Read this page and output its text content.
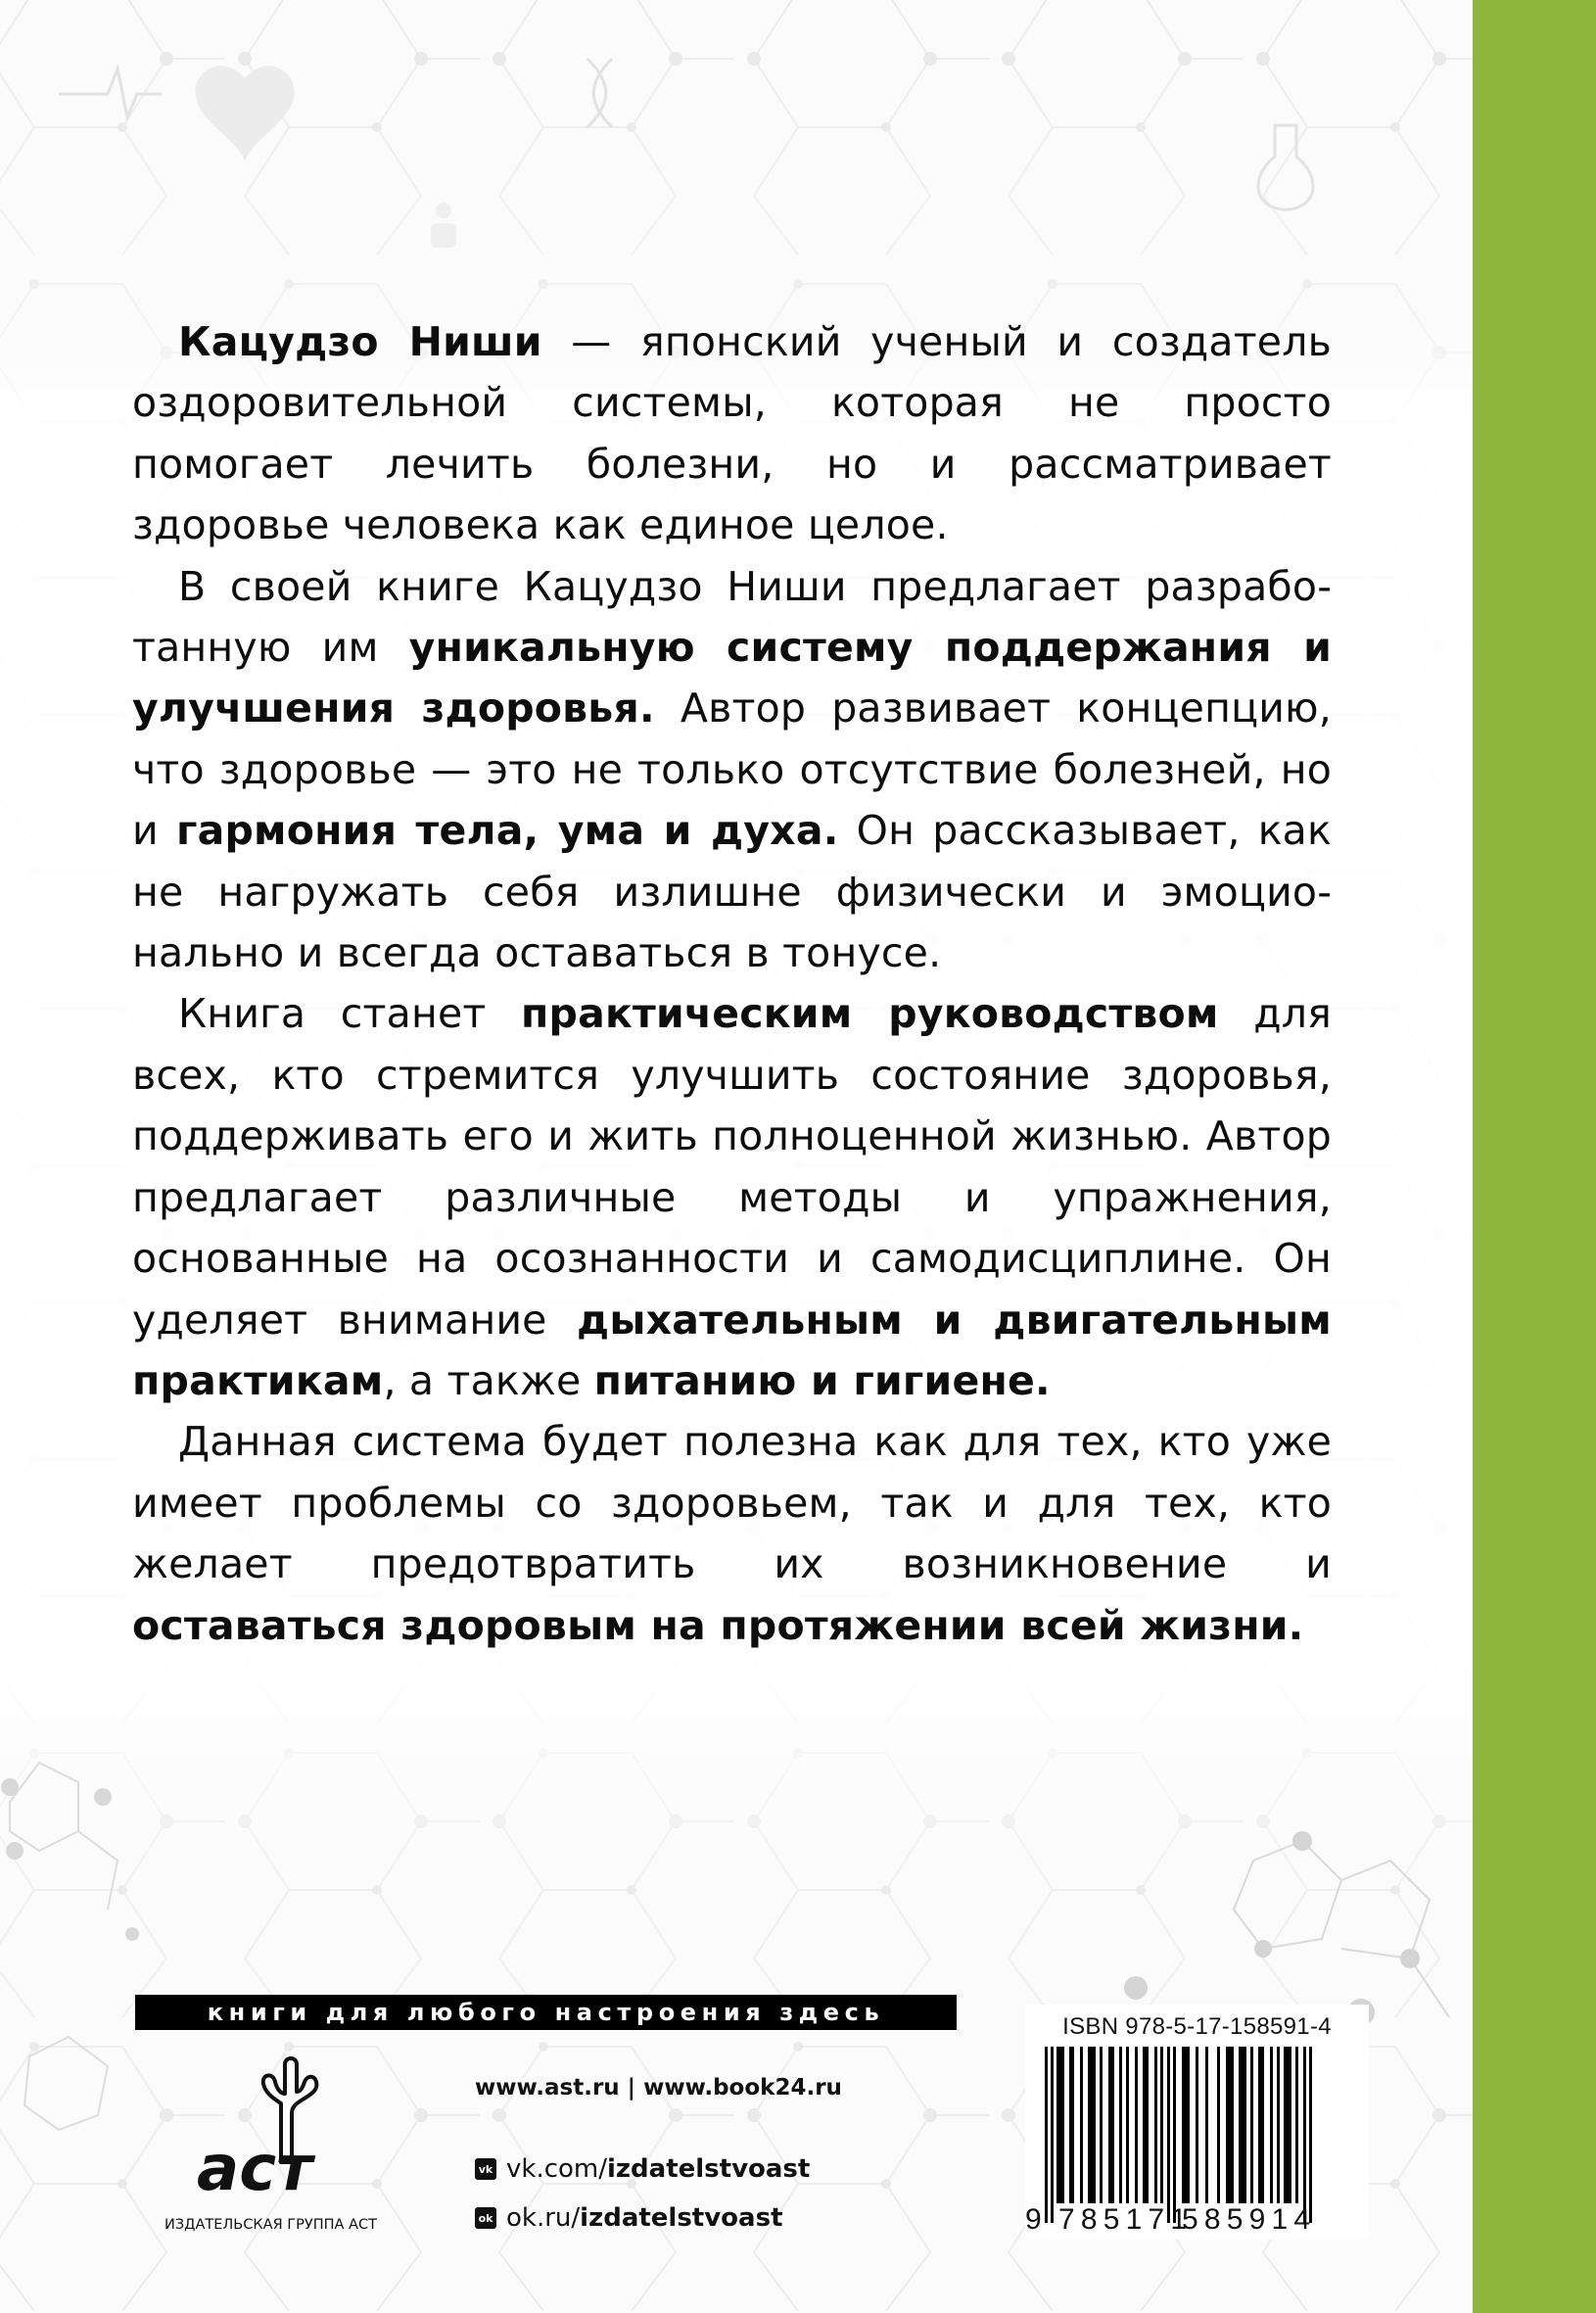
Кацудзо Ниши — японский ученый и создатель оздоровительной системы, которая не просто помогает лечить болезни, но и рассматривает здоровье человека как единое целое.

В своей книге Кацудзо Ниши предлагает разработанную им уникальную систему поддержания и улучшения здоровья. Автор развивает концепцию, что здоровье — это не только отсутствие болезней, но и гармония тела, ума и духа. Он рассказывает, как не нагружать себя излишне физически и эмоционально и всегда оставаться в тонусе.

Книга станет практическим руководством для всех, кто стремится улучшить состояние здоровья, поддерживать его и жить полноценной жизнью. Автор предлагает различные методы и упражнения, основанные на осознанности и самодисциплине. Он уделяет внимание дыхательным и двигательным практикам, а также питанию и гигиене.

Данная система будет полезна как для тех, кто уже имеет проблемы со здоровьем, так и для тех, кто желает предотвратить их возникновение и оставаться здоровым на протяжении всей жизни.

книги для любого настроения здесь
аст
ИЗДАТЕЛЬСКАЯ ГРУППА АСТ
www.ast.ru | www.book24.ru
vk vk.com/izdatelstvoast
ok ok.ru/izdatelstvoast
ISBN 978-5-17-158591-4
9 785171
585914
